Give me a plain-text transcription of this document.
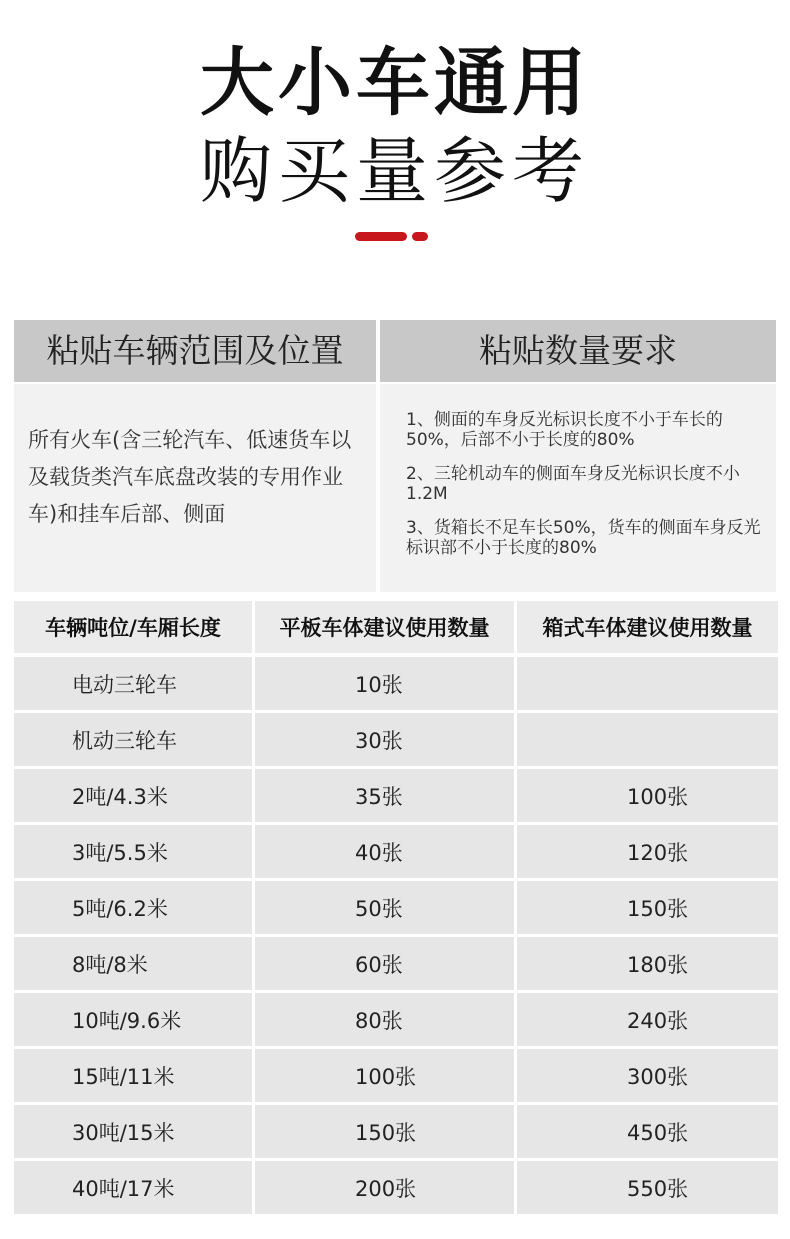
大小车通用
购买量参考
粘贴车辆范围及位置	粘贴数量要求
所有火车(含三轮汽车、低速货车以及载货类汽车底盘改装的专用作业车)和挂车后部、侧面
1、侧面的车身反光标识长度不小于车长的50%，后部不小于长度的80%
2、三轮机动车的侧面车身反光标识长度不小1.2M
3、货箱长不足车长50%，货车的侧面车身反光标识部不小于长度的80%
车辆吨位/车厢长度	平板车体建议使用数量	箱式车体建议使用数量
电动三轮车	10张
机动三轮车	30张
2吨/4.3米	35张	100张
3吨/5.5米	40张	120张
5吨/6.2米	50张	150张
8吨/8米	60张	180张
10吨/9.6米	80张	240张
15吨/11米	100张	300张
30吨/15米	150张	450张
40吨/17米	200张	550张
